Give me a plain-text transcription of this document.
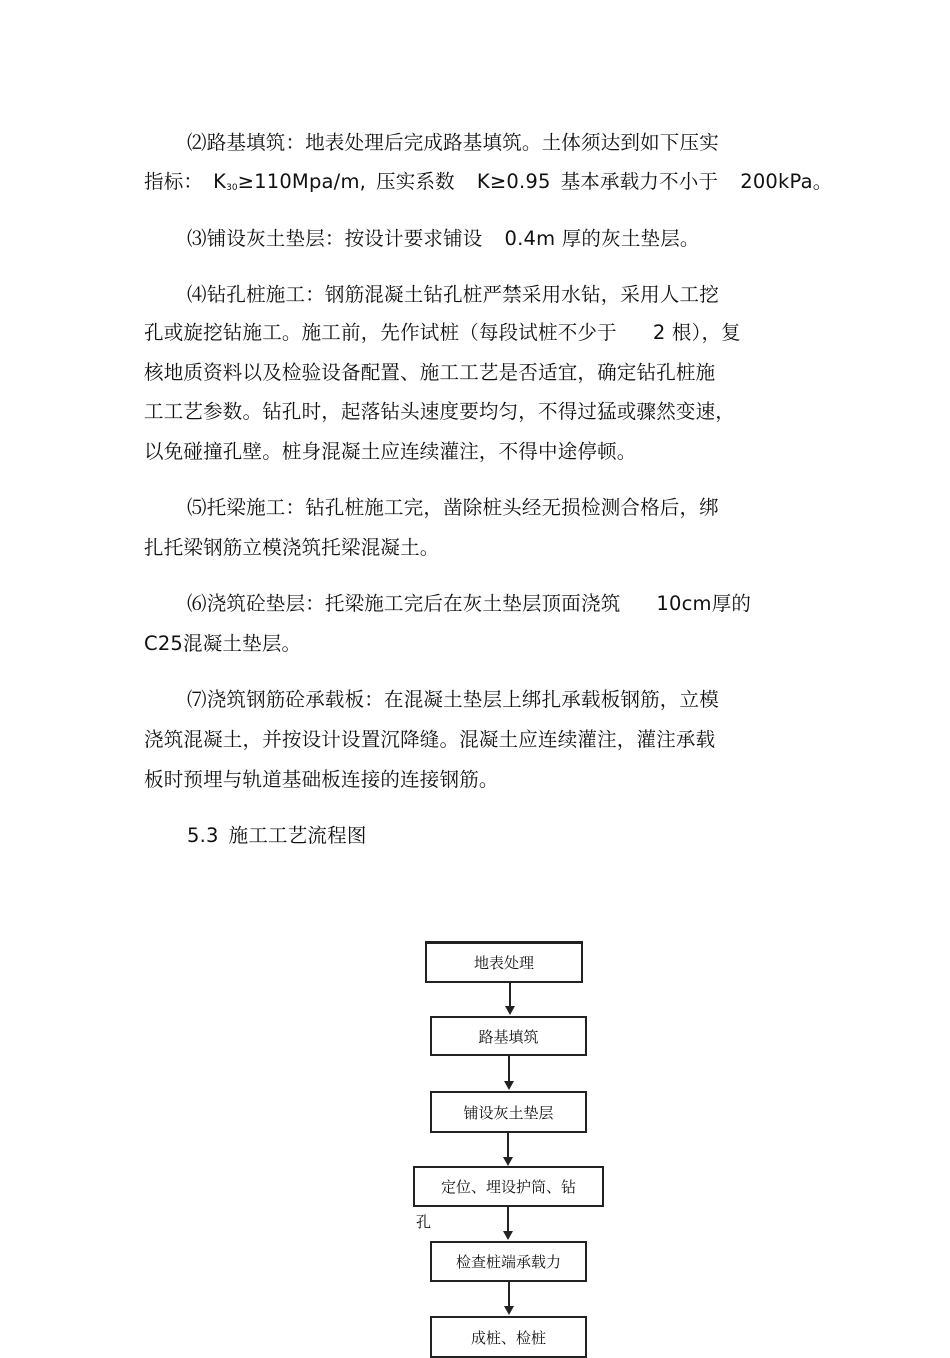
⑵路基填筑：地表处理后完成路基填筑。土体须达到如下压实
指标： $K_{30}\ge 110Mpa/m$, 压实系数 K≥0.95 基本承载力不小于 200kPa。
⑶铺设灰土垫层：按设计要求铺设 0.4m 厚的灰土垫层。
⑷钻孔桩施工：钢筋混凝土钻孔桩严禁采用水钻，采用人工挖
孔或旋挖钻施工。施工前，先作试桩（每段试桩不少于 2 根），复
核地质资料以及检验设备配置、施工工艺是否适宜，确定钻孔桩施
工工艺参数。钻孔时，起落钻头速度要均匀，不得过猛或骤然变速，
以免碰撞孔壁。桩身混凝土应连续灌注，不得中途停顿。
⑸托梁施工：钻孔桩施工完，凿除桩头经无损检测合格后，绑
扎托梁钢筋立模浇筑托梁混凝土。
⑹浇筑砼垫层：托梁施工完后在灰土垫层顶面浇筑 10cm厚的
C25混凝土垫层。
⑺浇筑钢筋砼承载板：在混凝土垫层上绑扎承载板钢筋，立模
浇筑混凝土，并按设计设置沉降缝。混凝土应连续灌注，灌注承载
板时预埋与轨道基础板连接的连接钢筋。
5.3 施工工艺流程图
地表处理
路基填筑
铺设灰土垫层
定位、埋设护筒、钻
孔
检查桩端承载力
成桩、检桩
